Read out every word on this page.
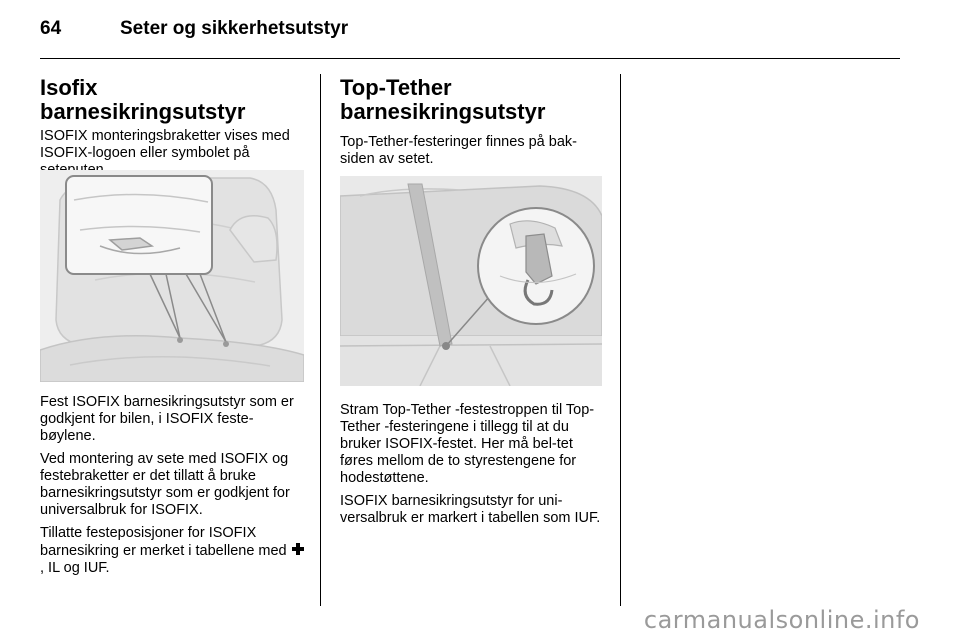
64	Seter og sikkerhetsutstyr
Isofix barnesikringsutstyr

ISOFIX monteringsbraketter vises med ISOFIX-logoen eller symbolet på

Fest ISOFIX barnesikringsutstyr som er godkjent for bilen, i ISOFIX feste-bøylene.

Ved montering av sete med ISOFIX og festebraketter er det tillatt å bruke barnesikringsutstyr som er godkjent for universalbruk for ISOFIX.

Tillatte festeposisjoner for ISOFIX barnesikring er merket i tabellene med , IL og IUF.

Top-Tether
barnesikringsutstyr

Top-Tether-festeringer finnes på bak-siden av setet.

Stram Top-Tether -festestroppen til Top-Tether -festeringene i tillegg til at du bruker ISOFIX-festet. Her må bel-tet føres mellom de to styrestengene for hodestøttene.

ISOFIX barnesikringsutstyr for uni-versalbruk er markert i tabellen som IUF.

carmanualsonline.info
